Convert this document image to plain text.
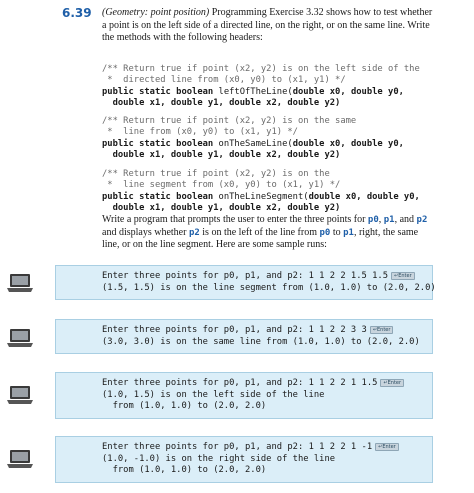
6.39 (Geometry: point position) Programming Exercise 3.32 shows how to test whether a point is on the left side of a directed line, on the right, or on the same line. Write the methods with the following headers:

/** Return true if point (x2, y2) is on the left side of the
*  directed line from (x0, y0) to (x1, y1) */
public static boolean leftOfTheLine(double x0, double y0,
double x1, double y1, double x2, double y2)

/** Return true if point (x2, y2) is on the same
*  line from (x0, y0) to (x1, y1) */
public static boolean onTheSameLine(double x0, double y0,
double x1, double y1, double x2, double y2)

/** Return true if point (x2, y2) is on the
*  line segment from (x0, y0) to (x1, y1) */
public static boolean onTheLineSegment(double x0, double y0,
double x1, double y1, double x2, double y2)

Write a program that prompts the user to enter the three points for p0, p1, and p2 and displays whether p2 is on the left of the line from p0 to p1, right, the same line, or on the line segment. Here are some sample runs:
Enter three points for p0, p1, and p2: 1 1 2 2 1.5 1.5 ↵Enter
(1.5, 1.5) is on the line segment from (1.0, 1.0) to (2.0, 2.0)
Enter three points for p0, p1, and p2: 1 1 2 2 3 3 ↵Enter
(3.0, 3.0) is on the same line from (1.0, 1.0) to (2.0, 2.0)
Enter three points for p0, p1, and p2: 1 1 2 2 1 1.5 ↵Enter
(1.0, 1.5) is on the left side of the line
from (1.0, 1.0) to (2.0, 2.0)
Enter three points for p0, p1, and p2: 1 1 2 2 1 -1 ↵Enter
(1.0, -1.0) is on the right side of the line
from (1.0, 1.0) to (2.0, 2.0)
